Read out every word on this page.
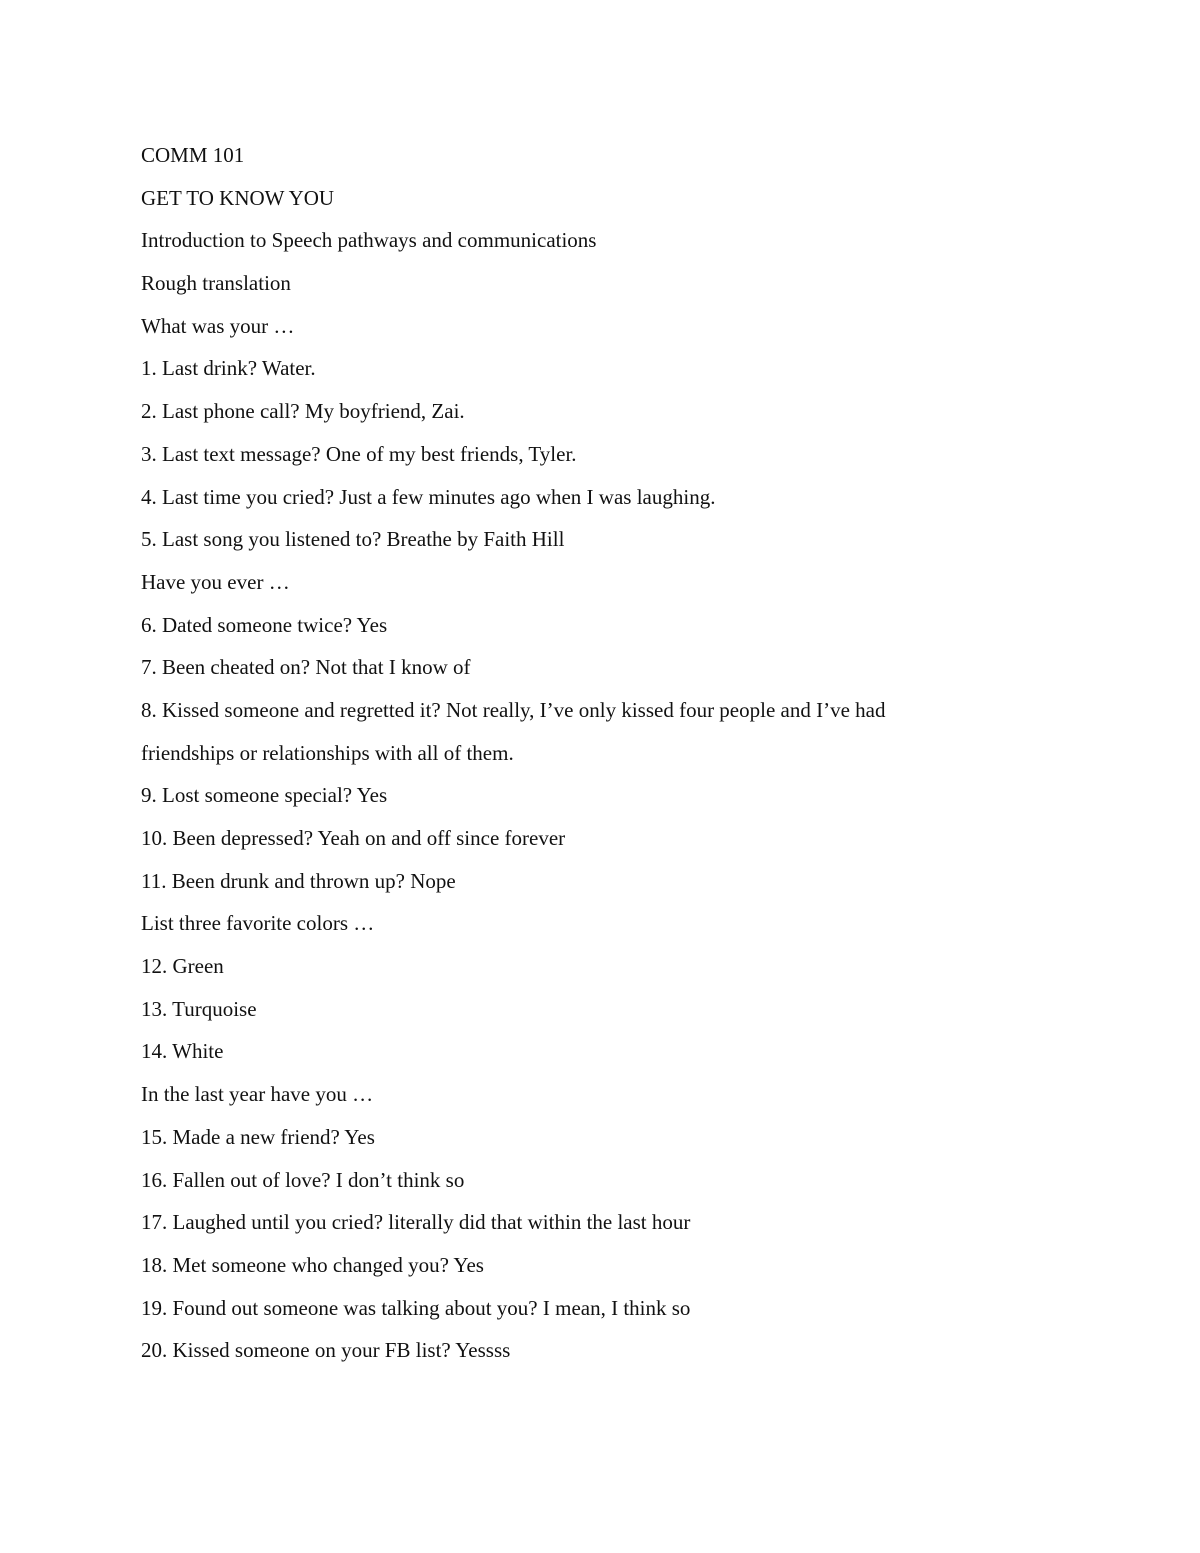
COMM 101

GET TO KNOW YOU

Introduction to Speech pathways and communications

Rough translation

What was your …

1. Last drink? Water.

2. Last phone call? My boyfriend, Zai.

3. Last text message? One of my best friends, Tyler.

4. Last time you cried? Just a few minutes ago when I was laughing.

5. Last song you listened to? Breathe by Faith Hill

Have you ever …

6. Dated someone twice? Yes

7. Been cheated on? Not that I know of

8. Kissed someone and regretted it? Not really, I’ve only kissed four people and I’ve had friendships or relationships with all of them.

9. Lost someone special? Yes

10. Been depressed? Yeah on and off since forever

11. Been drunk and thrown up? Nope

List three favorite colors …

12. Green

13. Turquoise

14. White

In the last year have you …

15. Made a new friend? Yes

16. Fallen out of love? I don’t think so

17. Laughed until you cried? literally did that within the last hour

18. Met someone who changed you? Yes

19. Found out someone was talking about you? I mean, I think so

20. Kissed someone on your FB list? Yessss
